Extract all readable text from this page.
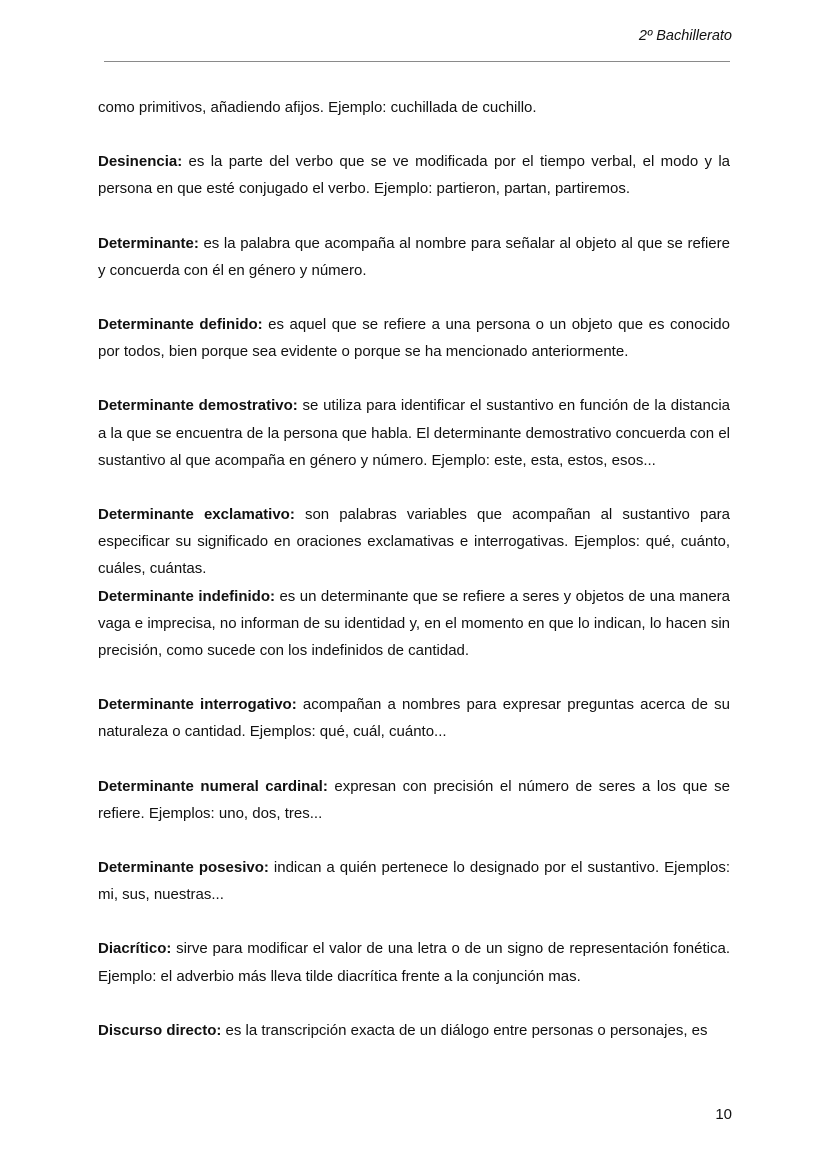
2º Bachillerato

como primitivos, añadiendo afijos. Ejemplo: cuchillada de cuchillo.

Desinencia: es la parte del verbo que se ve modificada por el tiempo verbal, el modo y la persona en que esté conjugado el verbo. Ejemplo: partieron, partan, partiremos.

Determinante: es la palabra que acompaña al nombre para señalar al objeto al que se refiere y concuerda con él en género y número.

Determinante definido: es aquel que se refiere a una persona o un objeto que es conocido por todos, bien porque sea evidente o porque se ha mencionado anteriormente.

Determinante demostrativo: se utiliza para identificar el sustantivo en función de la distancia a la que se encuentra de la persona que habla. El determinante demostrativo concuerda con el sustantivo al que acompaña en género y número. Ejemplo: este, esta, estos, esos...

Determinante exclamativo: son palabras variables que acompañan al sustantivo para especificar su significado en oraciones exclamativas e interrogativas. Ejemplos: qué, cuánto, cuáles, cuántas.

Determinante indefinido: es un determinante que se refiere a seres y objetos de una manera vaga e imprecisa, no informan de su identidad y, en el momento en que lo indican, lo hacen sin precisión, como sucede con los indefinidos de cantidad.

Determinante interrogativo: acompañan a nombres para expresar preguntas acerca de su naturaleza o cantidad. Ejemplos: qué, cuál, cuánto...

Determinante numeral cardinal: expresan con precisión el número de seres a los que se refiere. Ejemplos: uno, dos, tres...

Determinante posesivo: indican a quién pertenece lo designado por el sustantivo. Ejemplos: mi, sus, nuestras...

Diacrítico: sirve para modificar el valor de una letra o de un signo de representación fonética. Ejemplo: el adverbio más lleva tilde diacrítica frente a la conjunción mas.

Discurso directo: es la transcripción exacta de un diálogo entre personas o personajes, es

10
